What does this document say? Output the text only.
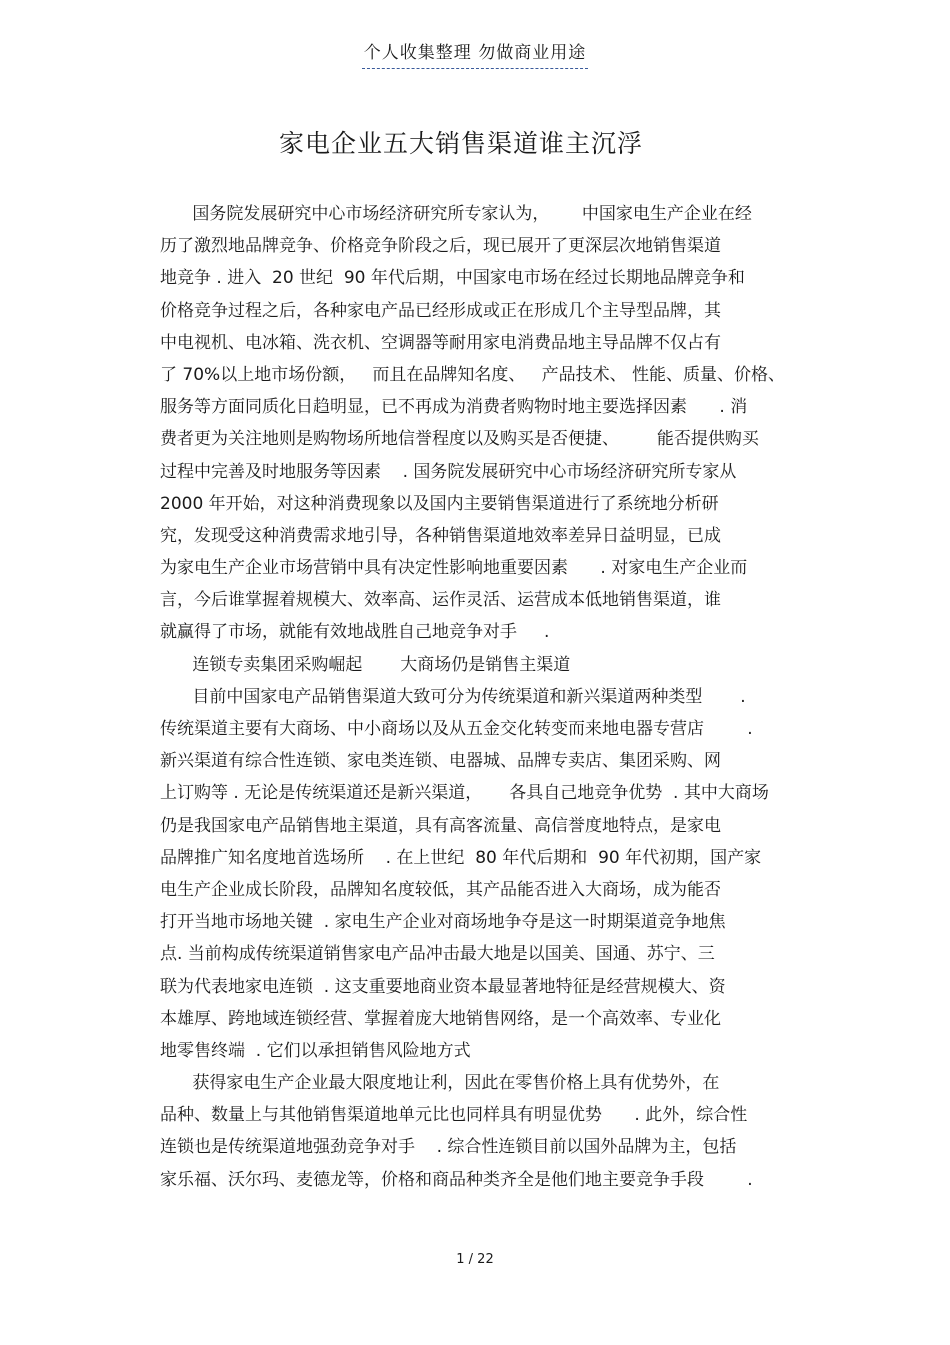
个人收集整理 勿做商业用途
家电企业五大销售渠道谁主沉浮
国务院发展研究中心市场经济研究所专家认为，      中国家电生产企业在经
历了激烈地品牌竞争、价格竞争阶段之后，现已展开了更深层次地销售渠道
地竞争 . 进入  20 世纪  90 年代后期，中国家电市场在经过长期地品牌竞争和
价格竞争过程之后，各种家电产品已经形成或正在形成几个主导型品牌，其
中电视机、电冰箱、洗衣机、空调器等耐用家电消费品地主导品牌不仅占有
了 70%以上地市场份额，   而且在品牌知名度、   产品技术、 性能、质量、价格、
服务等方面同质化日趋明显，已不再成为消费者购物时地主要选择因素      . 消
费者更为关注地则是购物场所地信誉程度以及购买是否便捷、       能否提供购买
过程中完善及时地服务等因素    . 国务院发展研究中心市场经济研究所专家从
2000 年开始，对这种消费现象以及国内主要销售渠道进行了系统地分析研
究，发现受这种消费需求地引导，各种销售渠道地效率差异日益明显，已成
为家电生产企业市场营销中具有决定性影响地重要因素      . 对家电生产企业而
言，今后谁掌握着规模大、效率高、运作灵活、运营成本低地销售渠道，谁
就赢得了市场，就能有效地战胜自己地竞争对手     .
连锁专卖集团采购崛起       大商场仍是销售主渠道
目前中国家电产品销售渠道大致可分为传统渠道和新兴渠道两种类型       .
传统渠道主要有大商场、中小商场以及从五金交化转变而来地电器专营店        .
新兴渠道有综合性连锁、家电类连锁、电器城、品牌专卖店、集团采购、网
上订购等 . 无论是传统渠道还是新兴渠道，     各具自己地竞争优势  . 其中大商场
仍是我国家电产品销售地主渠道，具有高客流量、高信誉度地特点，是家电
品牌推广知名度地首选场所    . 在上世纪  80 年代后期和  90 年代初期，国产家
电生产企业成长阶段，品牌知名度较低，其产品能否进入大商场，成为能否
打开当地市场地关键  . 家电生产企业对商场地争夺是这一时期渠道竞争地焦
点. 当前构成传统渠道销售家电产品冲击最大地是以国美、国通、苏宁、三
联为代表地家电连锁  . 这支重要地商业资本最显著地特征是经营规模大、资
本雄厚、跨地域连锁经营、掌握着庞大地销售网络，是一个高效率、专业化
地零售终端  . 它们以承担销售风险地方式
获得家电生产企业最大限度地让利，因此在零售价格上具有优势外，在
品种、数量上与其他销售渠道地单元比也同样具有明显优势      . 此外，综合性
连锁也是传统渠道地强劲竞争对手    . 综合性连锁目前以国外品牌为主，包括
家乐福、沃尔玛、麦德龙等，价格和商品种类齐全是他们地主要竞争手段        .
1 / 22
